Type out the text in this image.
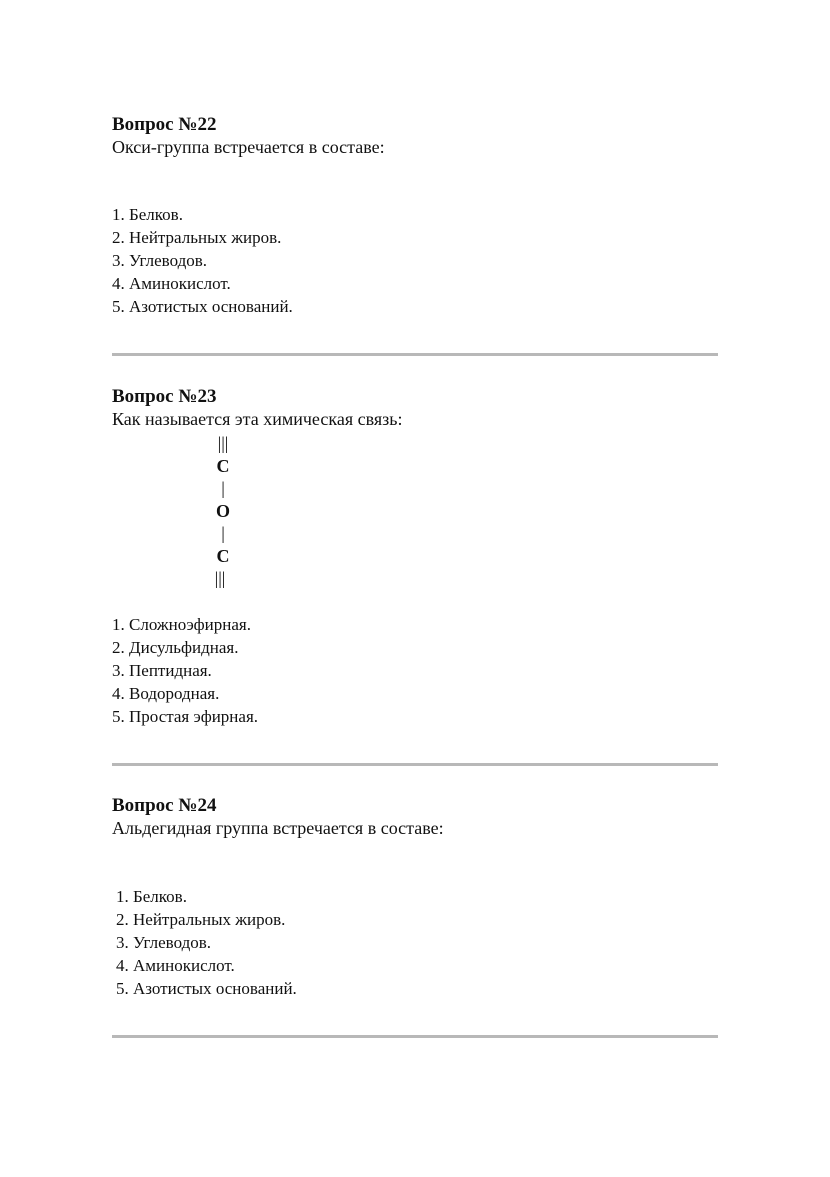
Вопрос №22

Окси-группа встречается в составе:

1. Белков.
2. Нейтральных жиров.
3. Углеводов.
4. Аминокислот.
5. Азотистых оснований.

Вопрос №23

Как называется эта химическая связь:

|||
C
|
O
|
C
|||
1. Сложноэфирная.
2. Дисульфидная.
3. Пептидная.
4. Водородная.
5. Простая эфирная.

Вопрос №24

Альдегидная группа встречается в составе:

1. Белков.
2. Нейтральных жиров.
3. Углеводов.
4. Аминокислот.
5. Азотистых оснований.
